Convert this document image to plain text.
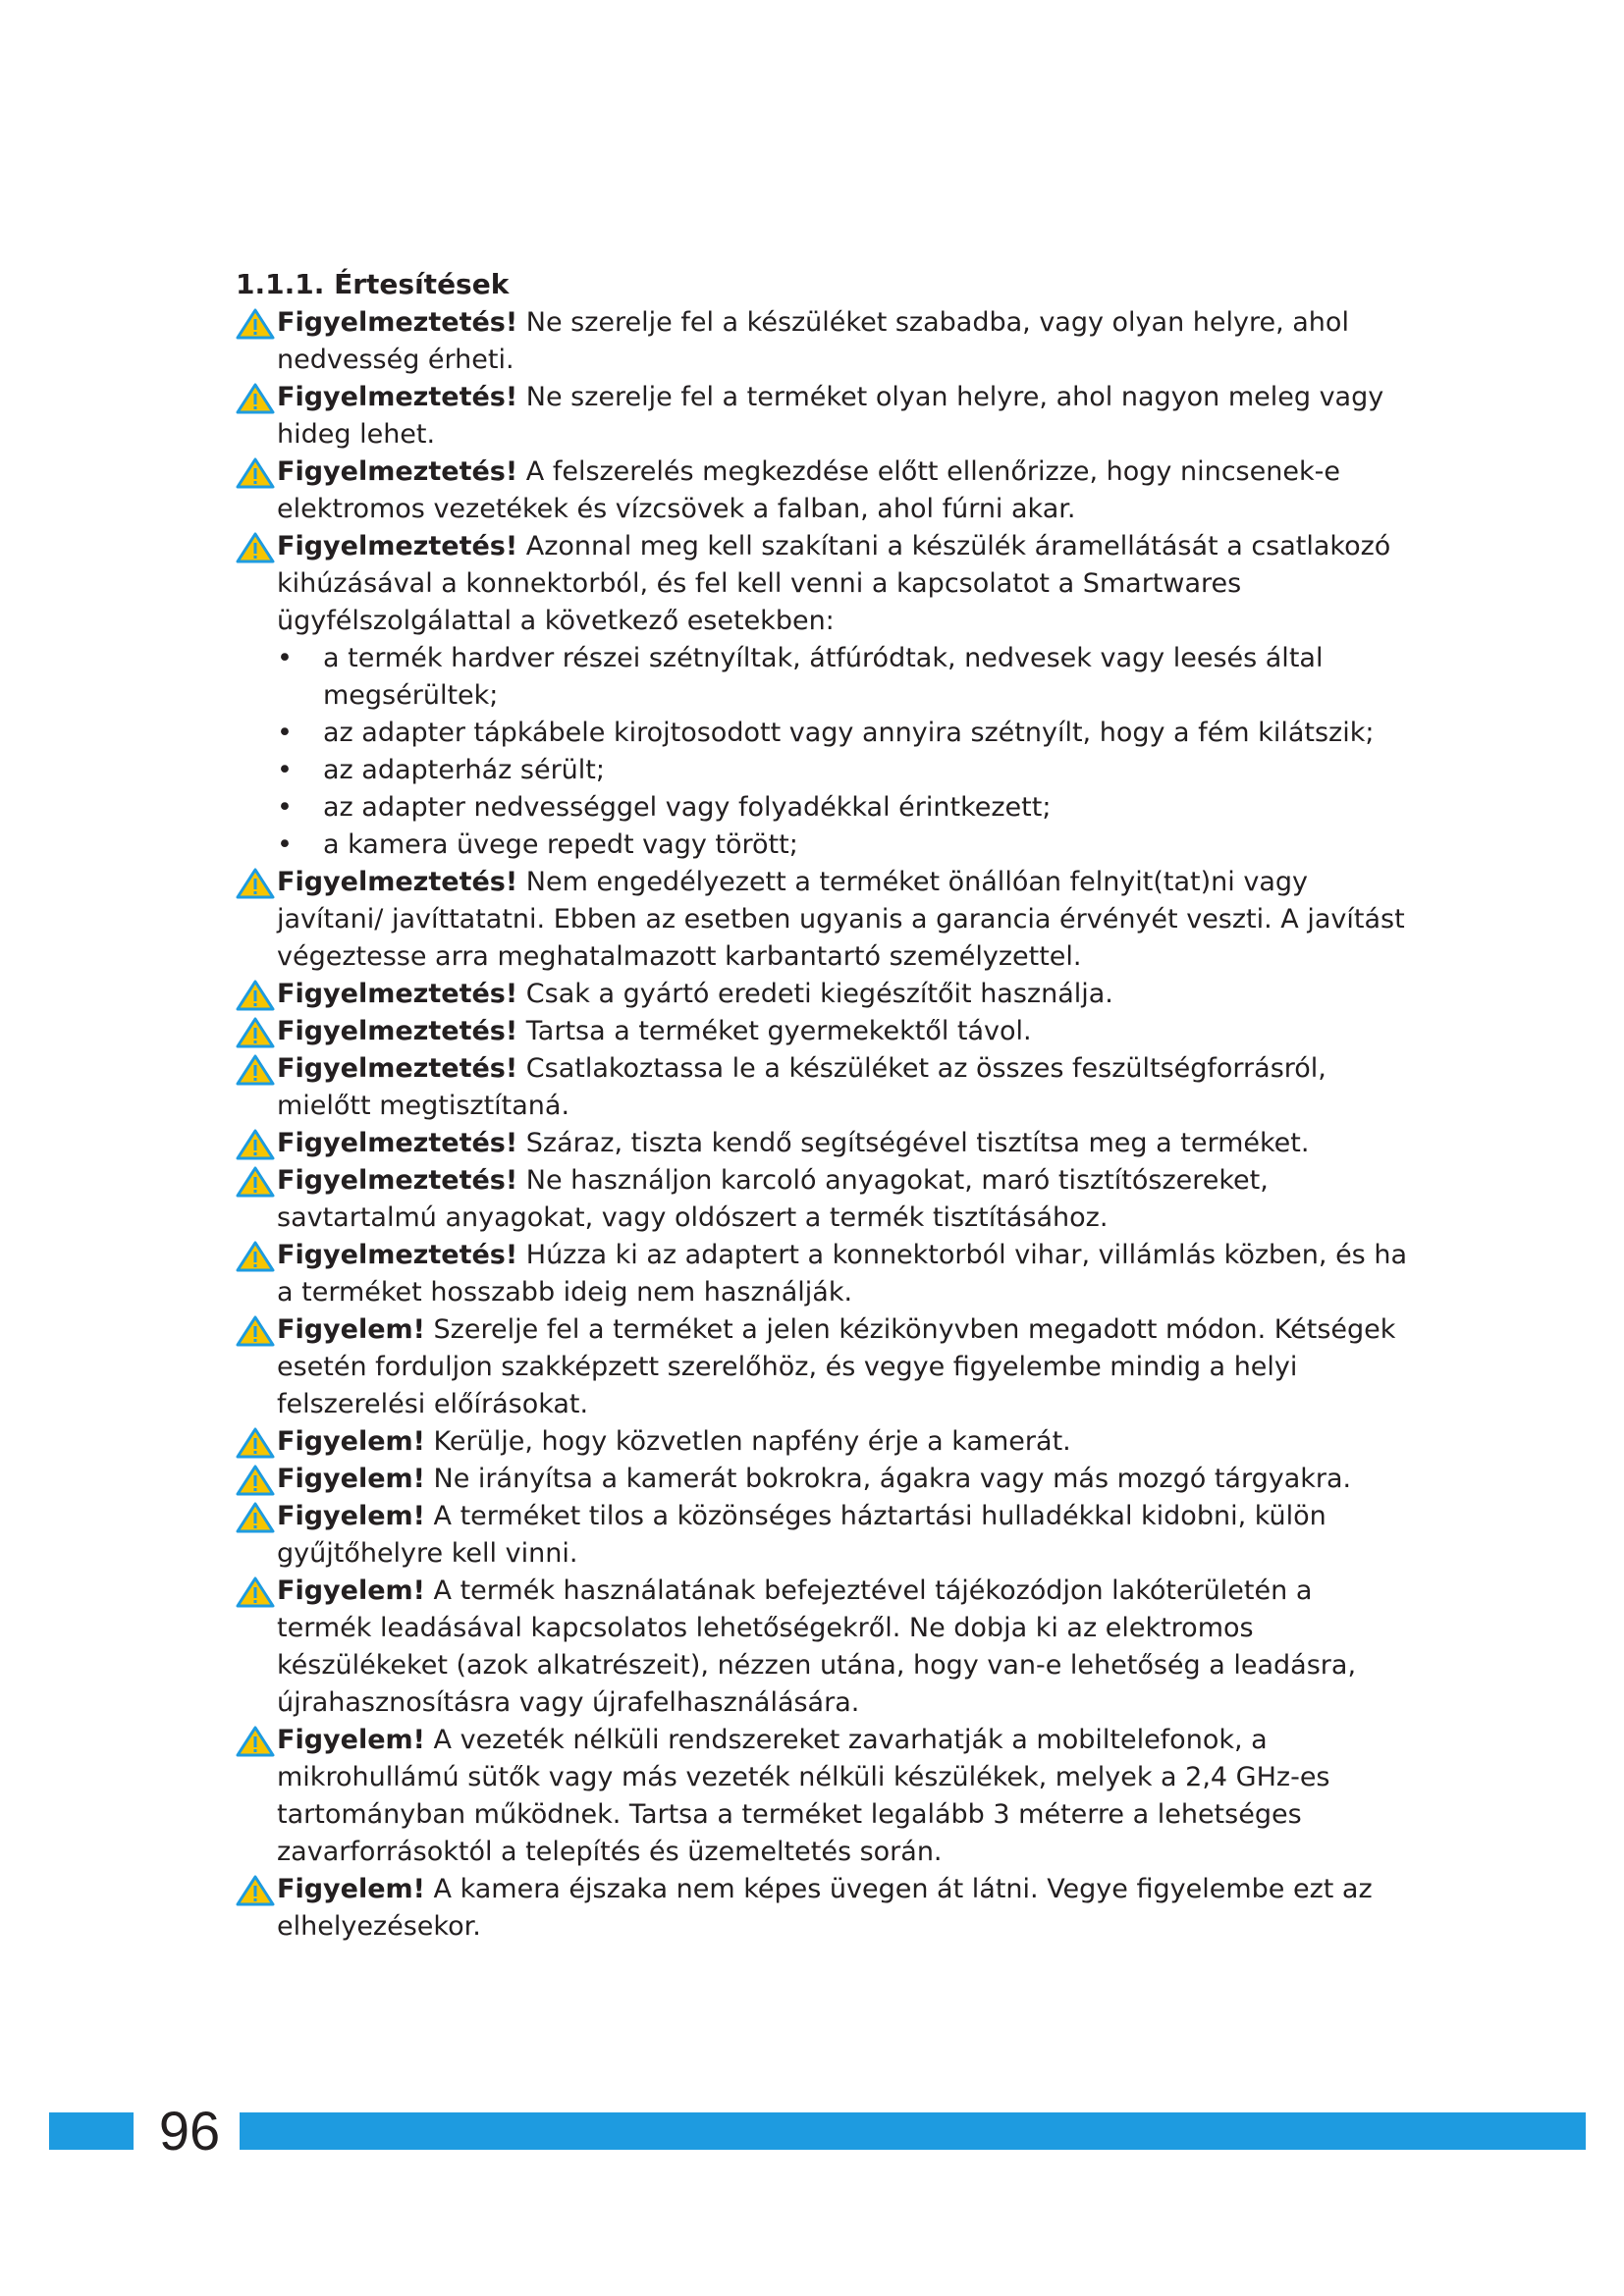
1.1.1. Értesítések
Figyelmeztetés! Ne szerelje fel a készüléket szabadba, vagy olyan helyre, ahol nedvesség érheti.
Figyelmeztetés! Ne szerelje fel a terméket olyan helyre, ahol nagyon meleg vagy hideg lehet.
Figyelmeztetés! A felszerelés megkezdése előtt ellenőrizze, hogy nincsenek-e elektromos vezetékek és vízcsövek a falban, ahol fúrni akar.
Figyelmeztetés! Azonnal meg kell szakítani a készülék áramellátását a csatlakozó kihúzásával a konnektorból, és fel kell venni a kapcsolatot a Smartwares ügyfélszolgálattal a következő esetekben:
• a termék hardver részei szétnyíltak, átfúródtak, nedvesek vagy leesés által megsérültek;
• az adapter tápkábele kirojtosodott vagy annyira szétnyílt, hogy a fém kilátszik;
• az adapterház sérült;
• az adapter nedvességgel vagy folyadékkal érintkezett;
• a kamera üvege repedt vagy törött;
Figyelmeztetés! Nem engedélyezett a terméket önállóan felnyit(tat)ni vagy javítani/ javíttatatni. Ebben az esetben ugyanis a garancia érvényét veszti. A javítást végeztesse arra meghatalmazott karbantartó személyzettel.
Figyelmeztetés! Csak a gyártó eredeti kiegészítőit használja.
Figyelmeztetés! Tartsa a terméket gyermekektől távol.
Figyelmeztetés! Csatlakoztassa le a készüléket az összes feszültségforrásról, mielőtt megtisztítaná.
Figyelmeztetés! Száraz, tiszta kendő segítségével tisztítsa meg a terméket.
Figyelmeztetés! Ne használjon karcoló anyagokat, maró tisztítószereket, savtartalmú anyagokat, vagy oldószert a termék tisztításához.
Figyelmeztetés! Húzza ki az adaptert a konnektorból vihar, villámlás közben, és ha a terméket hosszabb ideig nem használják.
Figyelem! Szerelje fel a terméket a jelen kézikönyvben megadott módon. Kétségek esetén forduljon szakképzett szerelőhöz, és vegye figyelembe mindig a helyi felszerelési előírásokat.
Figyelem! Kerülje, hogy közvetlen napfény érje a kamerát.
Figyelem! Ne irányítsa a kamerát bokrokra, ágakra vagy más mozgó tárgyakra.
Figyelem! A terméket tilos a közönséges háztartási hulladékkal kidobni, külön gyűjtőhelyre kell vinni.
Figyelem! A termék használatának befejeztével tájékozódjon lakóterületén a termék leadásával kapcsolatos lehetőségekről. Ne dobja ki az elektromos készülékeket (azok alkatrészeit), nézzen utána, hogy van-e lehetőség a leadásra, újrahasznosításra vagy újrafelhasználására.
Figyelem! A vezeték nélküli rendszereket zavarhatják a mobiltelefonok, a mikrohullámú sütők vagy más vezeték nélküli készülékek, melyek a 2,4 GHz-es tartományban működnek. Tartsa a terméket legalább 3 méterre a lehetséges zavarforrásoktól a telepítés és üzemeltetés során.
Figyelem! A kamera éjszaka nem képes üvegen át látni. Vegye figyelembe ezt az elhelyezésekor.
96
